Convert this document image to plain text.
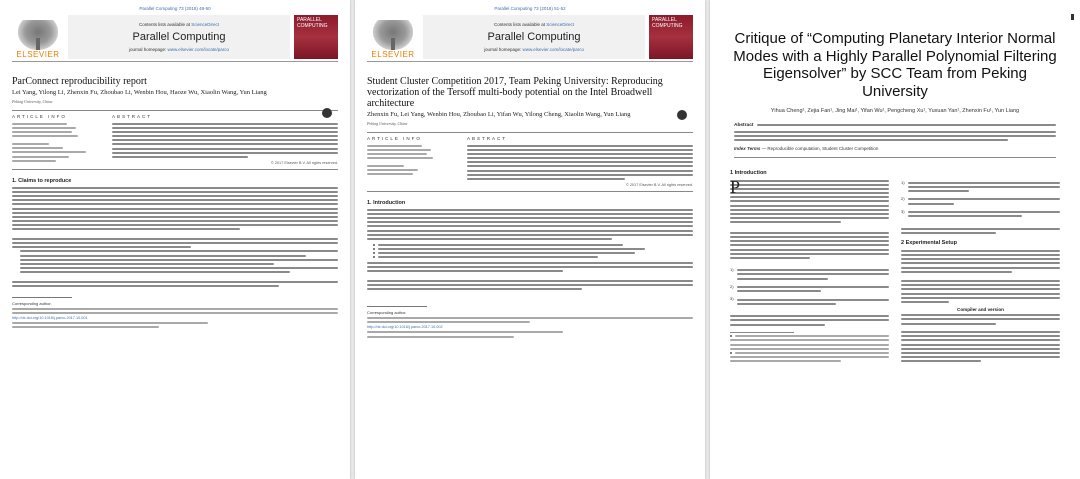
Parallel Computing 73 (2018) 48-50
ELSEVIER
Contents lists available at ScienceDirect
Parallel Computing
journal homepage: www.elsevier.com/locate/parco
PARALLEL COMPUTING
ParConnect reproducibility report
Lei Yang, Yilong Li, Zhenxin Fu, Zhoubao Li, Wenbin Hou, Haoze Wu, Xiaolin Wang, Yun Liang
Peking University, China
ARTICLE INFO	ABSTRACT
© 2017 Elsevier B.V. All rights reserved.
1. Claims to reproduce
Corresponding author.
http://dx.doi.org/10.1016/j.parco.2017.10.001
Parallel Computing 73 (2018) 51-52
ELSEVIER
Contents lists available at ScienceDirect
Parallel Computing
journal homepage: www.elsevier.com/locate/parco
PARALLEL COMPUTING
Student Cluster Competition 2017, Team Peking University: Reproducing vectorization of the Tersoff multi-body potential on the Intel Broadwell architecture
Zhenxin Fu, Lei Yang, Wenbin Hou, Zhoubao Li, Yifan Wu, Yilong Cheng, Xiaolin Wang, Yun Liang
Peking University, China
ARTICLE INFO	ABSTRACT
© 2017 Elsevier B.V. All rights reserved.
1. Introduction
Corresponding author.
http://dx.doi.org/10.1016/j.parco.2017.10.002
Critique of “Computing Planetary Interior Normal Modes with a Highly Parallel Polynomial Filtering Eigensolver” by SCC Team from Peking University
Yihua Cheng¹, Zejia Fan¹, Jing Mai¹, Yifan Wu¹, Pengcheng Xu¹, Yuxuan Yan¹, Zhenxin Fu¹, Yun Liang
Abstract
Index Terms — Reproducible computation, Student Cluster Competition
1 Introduction
P
1)
2)
3)
1)
2)
3)
2 Experimental Setup
Compiler and version
